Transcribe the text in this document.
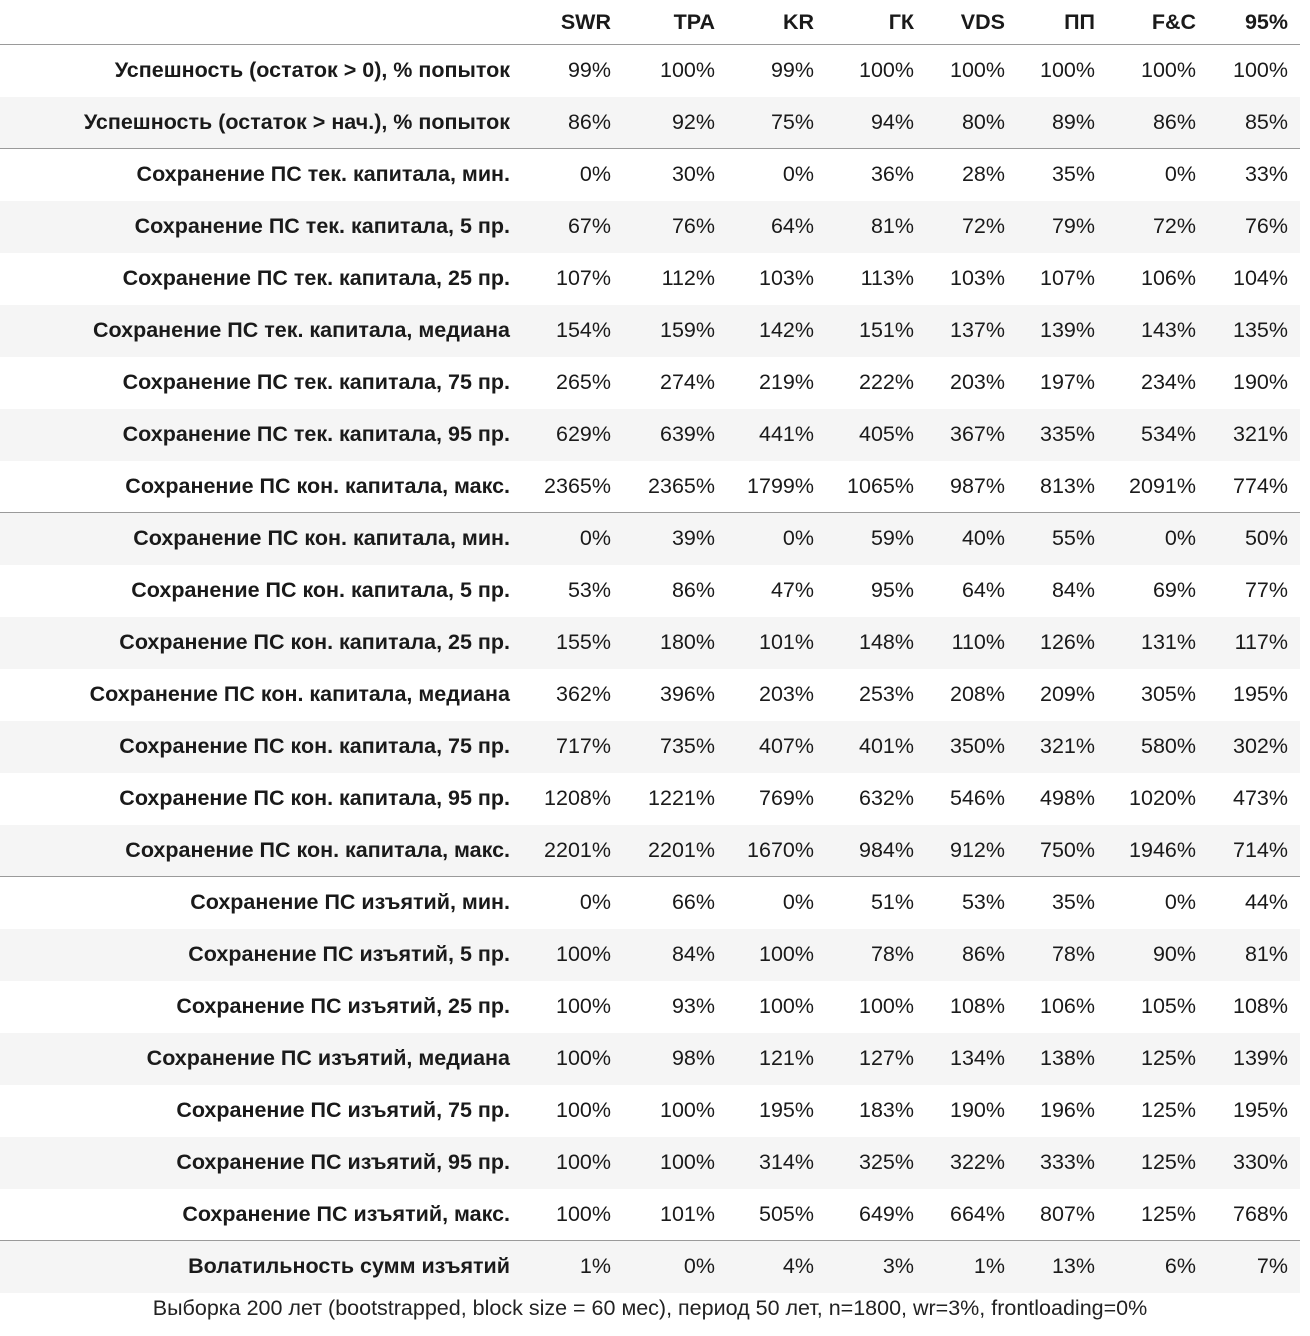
	SWR	TPA	KR	ГК	VDS	ПП	F&C	95%
Успешность (остаток > 0), % попыток	99%	100%	99%	100%	100%	100%	100%	100%
Успешность (остаток > нач.), % попыток	86%	92%	75%	94%	80%	89%	86%	85%
Сохранение ПС тек. капитала, мин.	0%	30%	0%	36%	28%	35%	0%	33%
Сохранение ПС тек. капитала, 5 пр.	67%	76%	64%	81%	72%	79%	72%	76%
Сохранение ПС тек. капитала, 25 пр.	107%	112%	103%	113%	103%	107%	106%	104%
Сохранение ПС тек. капитала, медиана	154%	159%	142%	151%	137%	139%	143%	135%
Сохранение ПС тек. капитала, 75 пр.	265%	274%	219%	222%	203%	197%	234%	190%
Сохранение ПС тек. капитала, 95 пр.	629%	639%	441%	405%	367%	335%	534%	321%
Сохранение ПС кон. капитала, макс.	2365%	2365%	1799%	1065%	987%	813%	2091%	774%
Сохранение ПС кон. капитала, мин.	0%	39%	0%	59%	40%	55%	0%	50%
Сохранение ПС кон. капитала, 5 пр.	53%	86%	47%	95%	64%	84%	69%	77%
Сохранение ПС кон. капитала, 25 пр.	155%	180%	101%	148%	110%	126%	131%	117%
Сохранение ПС кон. капитала, медиана	362%	396%	203%	253%	208%	209%	305%	195%
Сохранение ПС кон. капитала, 75 пр.	717%	735%	407%	401%	350%	321%	580%	302%
Сохранение ПС кон. капитала, 95 пр.	1208%	1221%	769%	632%	546%	498%	1020%	473%
Сохранение ПС кон. капитала, макс.	2201%	2201%	1670%	984%	912%	750%	1946%	714%
Сохранение ПС изъятий, мин.	0%	66%	0%	51%	53%	35%	0%	44%
Сохранение ПС изъятий, 5 пр.	100%	84%	100%	78%	86%	78%	90%	81%
Сохранение ПС изъятий, 25 пр.	100%	93%	100%	100%	108%	106%	105%	108%
Сохранение ПС изъятий, медиана	100%	98%	121%	127%	134%	138%	125%	139%
Сохранение ПС изъятий, 75 пр.	100%	100%	195%	183%	190%	196%	125%	195%
Сохранение ПС изъятий, 95 пр.	100%	100%	314%	325%	322%	333%	125%	330%
Сохранение ПС изъятий, макс.	100%	101%	505%	649%	664%	807%	125%	768%
Волатильность сумм изъятий	1%	0%	4%	3%	1%	13%	6%	7%
Выборка 200 лет (bootstrapped, block size = 60 мес), период 50 лет, n=1800, wr=3%, frontloading=0%
